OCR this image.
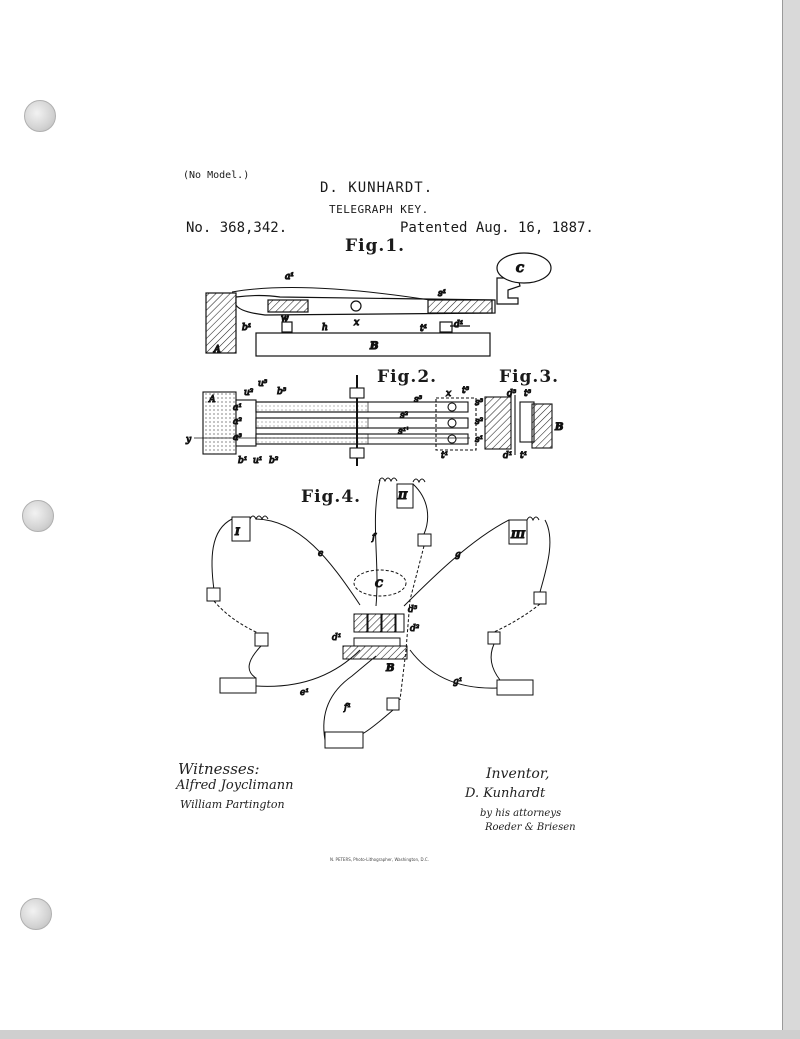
(No Model.)
D. KUNHARDT.
TELEGRAPH KEY.
No. 368,342.	Patented Aug. 16, 1887.
C
a¹
s¹
b¹
w
h	x
t¹	d¹
B
A
A
u²
u³
b³
s³
x t³
a¹
a²
a³
s²
s¹'
y
b¹ u¹ b²	t¹
d³ t³
s³
s²
s¹
B
d¹ t¹
I
II
III
C
d³
d²
d¹
B
e
f
g
e¹
f¹
g¹
Fig.1.
Fig.2.	Fig.3.
Fig.4.
Witnesses:
Alfred Joyclimann
William Partington
Inventor,
D. Kunhardt
by his attorneys
Roeder & Briesen
N. PETERS, Photo-Lithographer, Washington, D.C.
